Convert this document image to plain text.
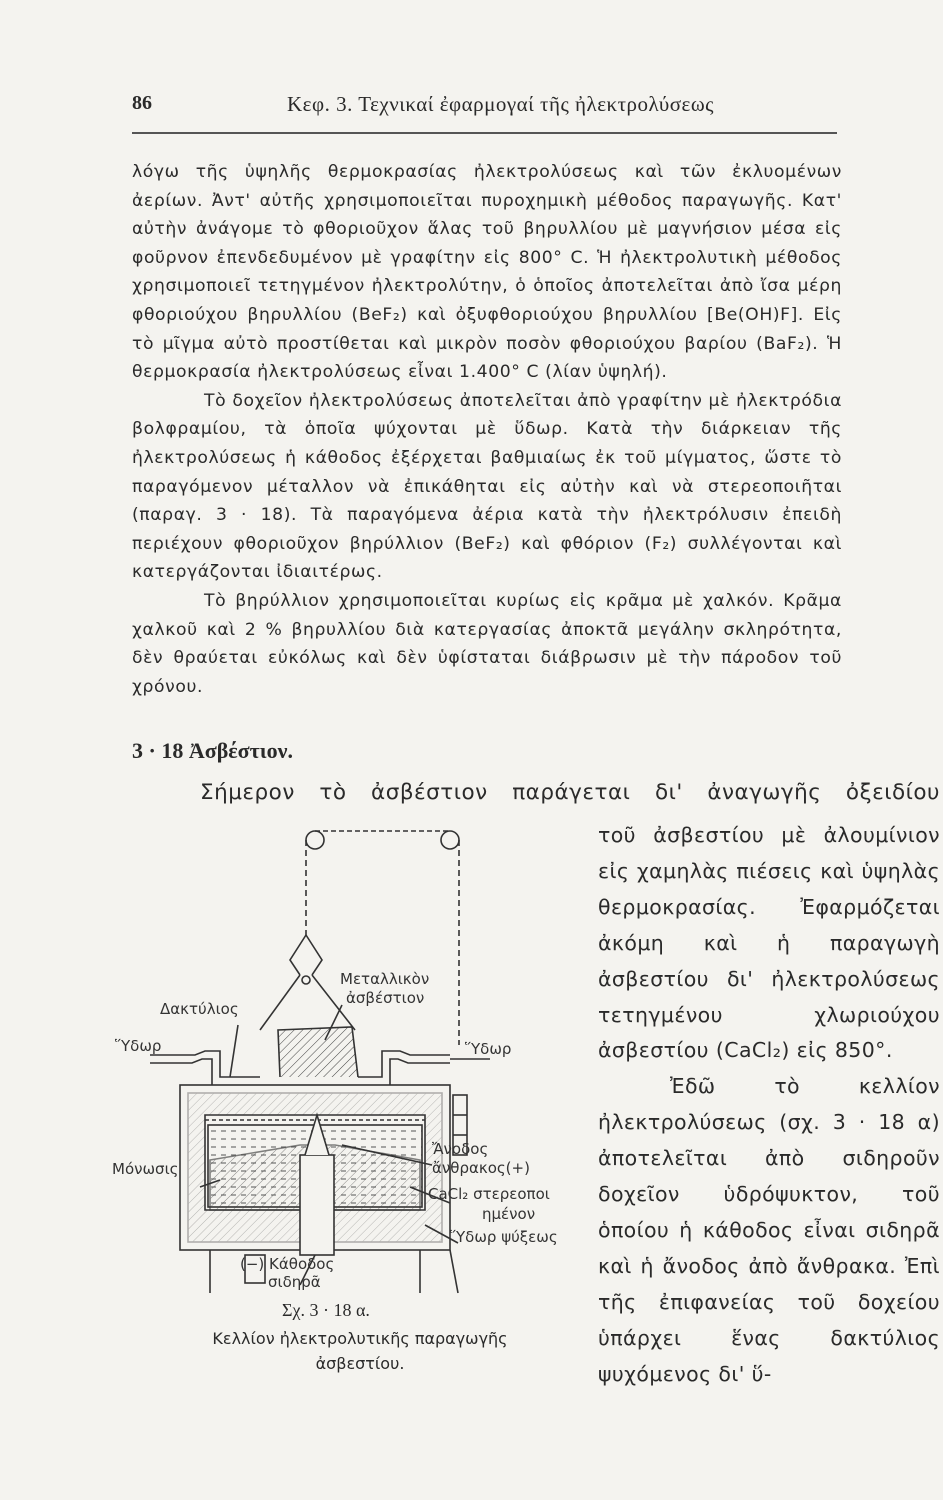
86	Κεφ. 3. Τεχνικαί ἐφαρμογαί τῆς ἠλεκτρολύσεως

λόγω τῆς ὑψηλῆς θερμοκρασίας ἠλεκτρολύσεως καὶ τῶν ἐκλυομένων ἀερίων. Ἀντ' αὐτῆς χρησιμοποιεῖται πυροχημικὴ μέθοδος παραγωγῆς. Κατ' αὐτὴν ἀνάγομε τὸ φθοριοῦχον ἅλας τοῦ βηρυλλίου μὲ μαγνήσιον μέσα εἰς φοῦρνον ἐπενδεδυμένον μὲ γραφίτην εἰς 800° C. Ἡ ἠλεκτρολυτικὴ μέθοδος χρησιμοποιεῖ τετηγμένον ἠλεκτρολύτην, ὁ ὁποῖος ἀποτελεῖται ἀπὸ ἴσα μέρη φθοριούχου βηρυλλίου (BeF₂) καὶ ὀξυφθοριούχου βηρυλλίου [Be(OH)F]. Εἰς τὸ μῖγμα αὐτὸ προστίθεται καὶ μικρὸν ποσὸν φθοριούχου βαρίου (BaF₂). Ἡ θερμοκρασία ἠλεκτρολύσεως εἶναι 1.400° C (λίαν ὑψηλή).

Τὸ δοχεῖον ἠλεκτρολύσεως ἀποτελεῖται ἀπὸ γραφίτην μὲ ἠλεκτρόδια βολφραμίου, τὰ ὁποῖα ψύχονται μὲ ὕδωρ. Κατὰ τὴν διάρκειαν τῆς ἠλεκτρολύσεως ἡ κάθοδος ἐξέρχεται βαθμιαίως ἐκ τοῦ μίγματος, ὥστε τὸ παραγόμενον μέταλλον νὰ ἐπικάθηται εἰς αὐτὴν καὶ νὰ στερεοποιῆται (παραγ. 3 · 18). Τὰ παραγόμενα ἀέρια κατὰ τὴν ἠλεκτρόλυσιν ἐπειδὴ περιέχουν φθοριοῦχον βηρύλλιον (BeF₂) καὶ φθόριον (F₂) συλλέγονται καὶ κατεργάζονται ἰδιαιτέρως.

Τὸ βηρύλλιον χρησιμοποιεῖται κυρίως εἰς κρᾶμα μὲ χαλκόν. Κρᾶμα χαλκοῦ καὶ 2 % βηρυλλίου διὰ κατεργασίας ἀποκτᾶ μεγάλην σκληρότητα, δὲν θραύεται εὐκόλως καὶ δὲν ὑφίσταται διάβρωσιν μὲ τὴν πάροδον τοῦ χρόνου.

3 · 18 Ἀσβέστιον.
Σήμερον τὸ ἀσβέστιον παράγεται δι' ἀναγωγῆς ὀξειδίου

τοῦ ἀσβεστίου μὲ ἀλουμίνιον εἰς χαμηλὰς πιέσεις καὶ ὑψηλὰς θερμοκρασίας. Ἐφαρμόζεται ἀκόμη καὶ ἡ παραγωγὴ ἀσβεστίου δι' ἠλεκτρολύσεως τετηγμένου χλωριούχου ἀσβεστίου (CaCl₂) εἰς 850°.

Ἐδῶ τὸ κελλίον ἠλεκτρολύσεως (σχ. 3 · 18 α) ἀποτελεῖται ἀπὸ σιδηροῦν δοχεῖον ὑδρόψυκτον, τοῦ ὁποίου ἡ κάθοδος εἶναι σιδηρᾶ καὶ ἡ ἄνοδος ἀπὸ ἄνθρακα. Ἐπὶ τῆς ἐπιφανείας τοῦ δοχείου ὑπάρχει ἕνας δακτύλιος ψυχόμενος δι' ὕ-

Δακτύλιος
Μεταλλικὸν
ἀσβέστιον
Ὕδωρ	Ὕδωρ
Μόνωσις
Ἄνοδος
ἄνθρακος(+)
CaCl₂ στερεοποι
ημένον
Ὕδωρ ψύξεως
(−) Κάθοδος
σιδηρᾶ
Σχ. 3 · 18 α.
Κελλίον ἠλεκτρολυτικῆς παραγωγῆς
ἀσβεστίου.
